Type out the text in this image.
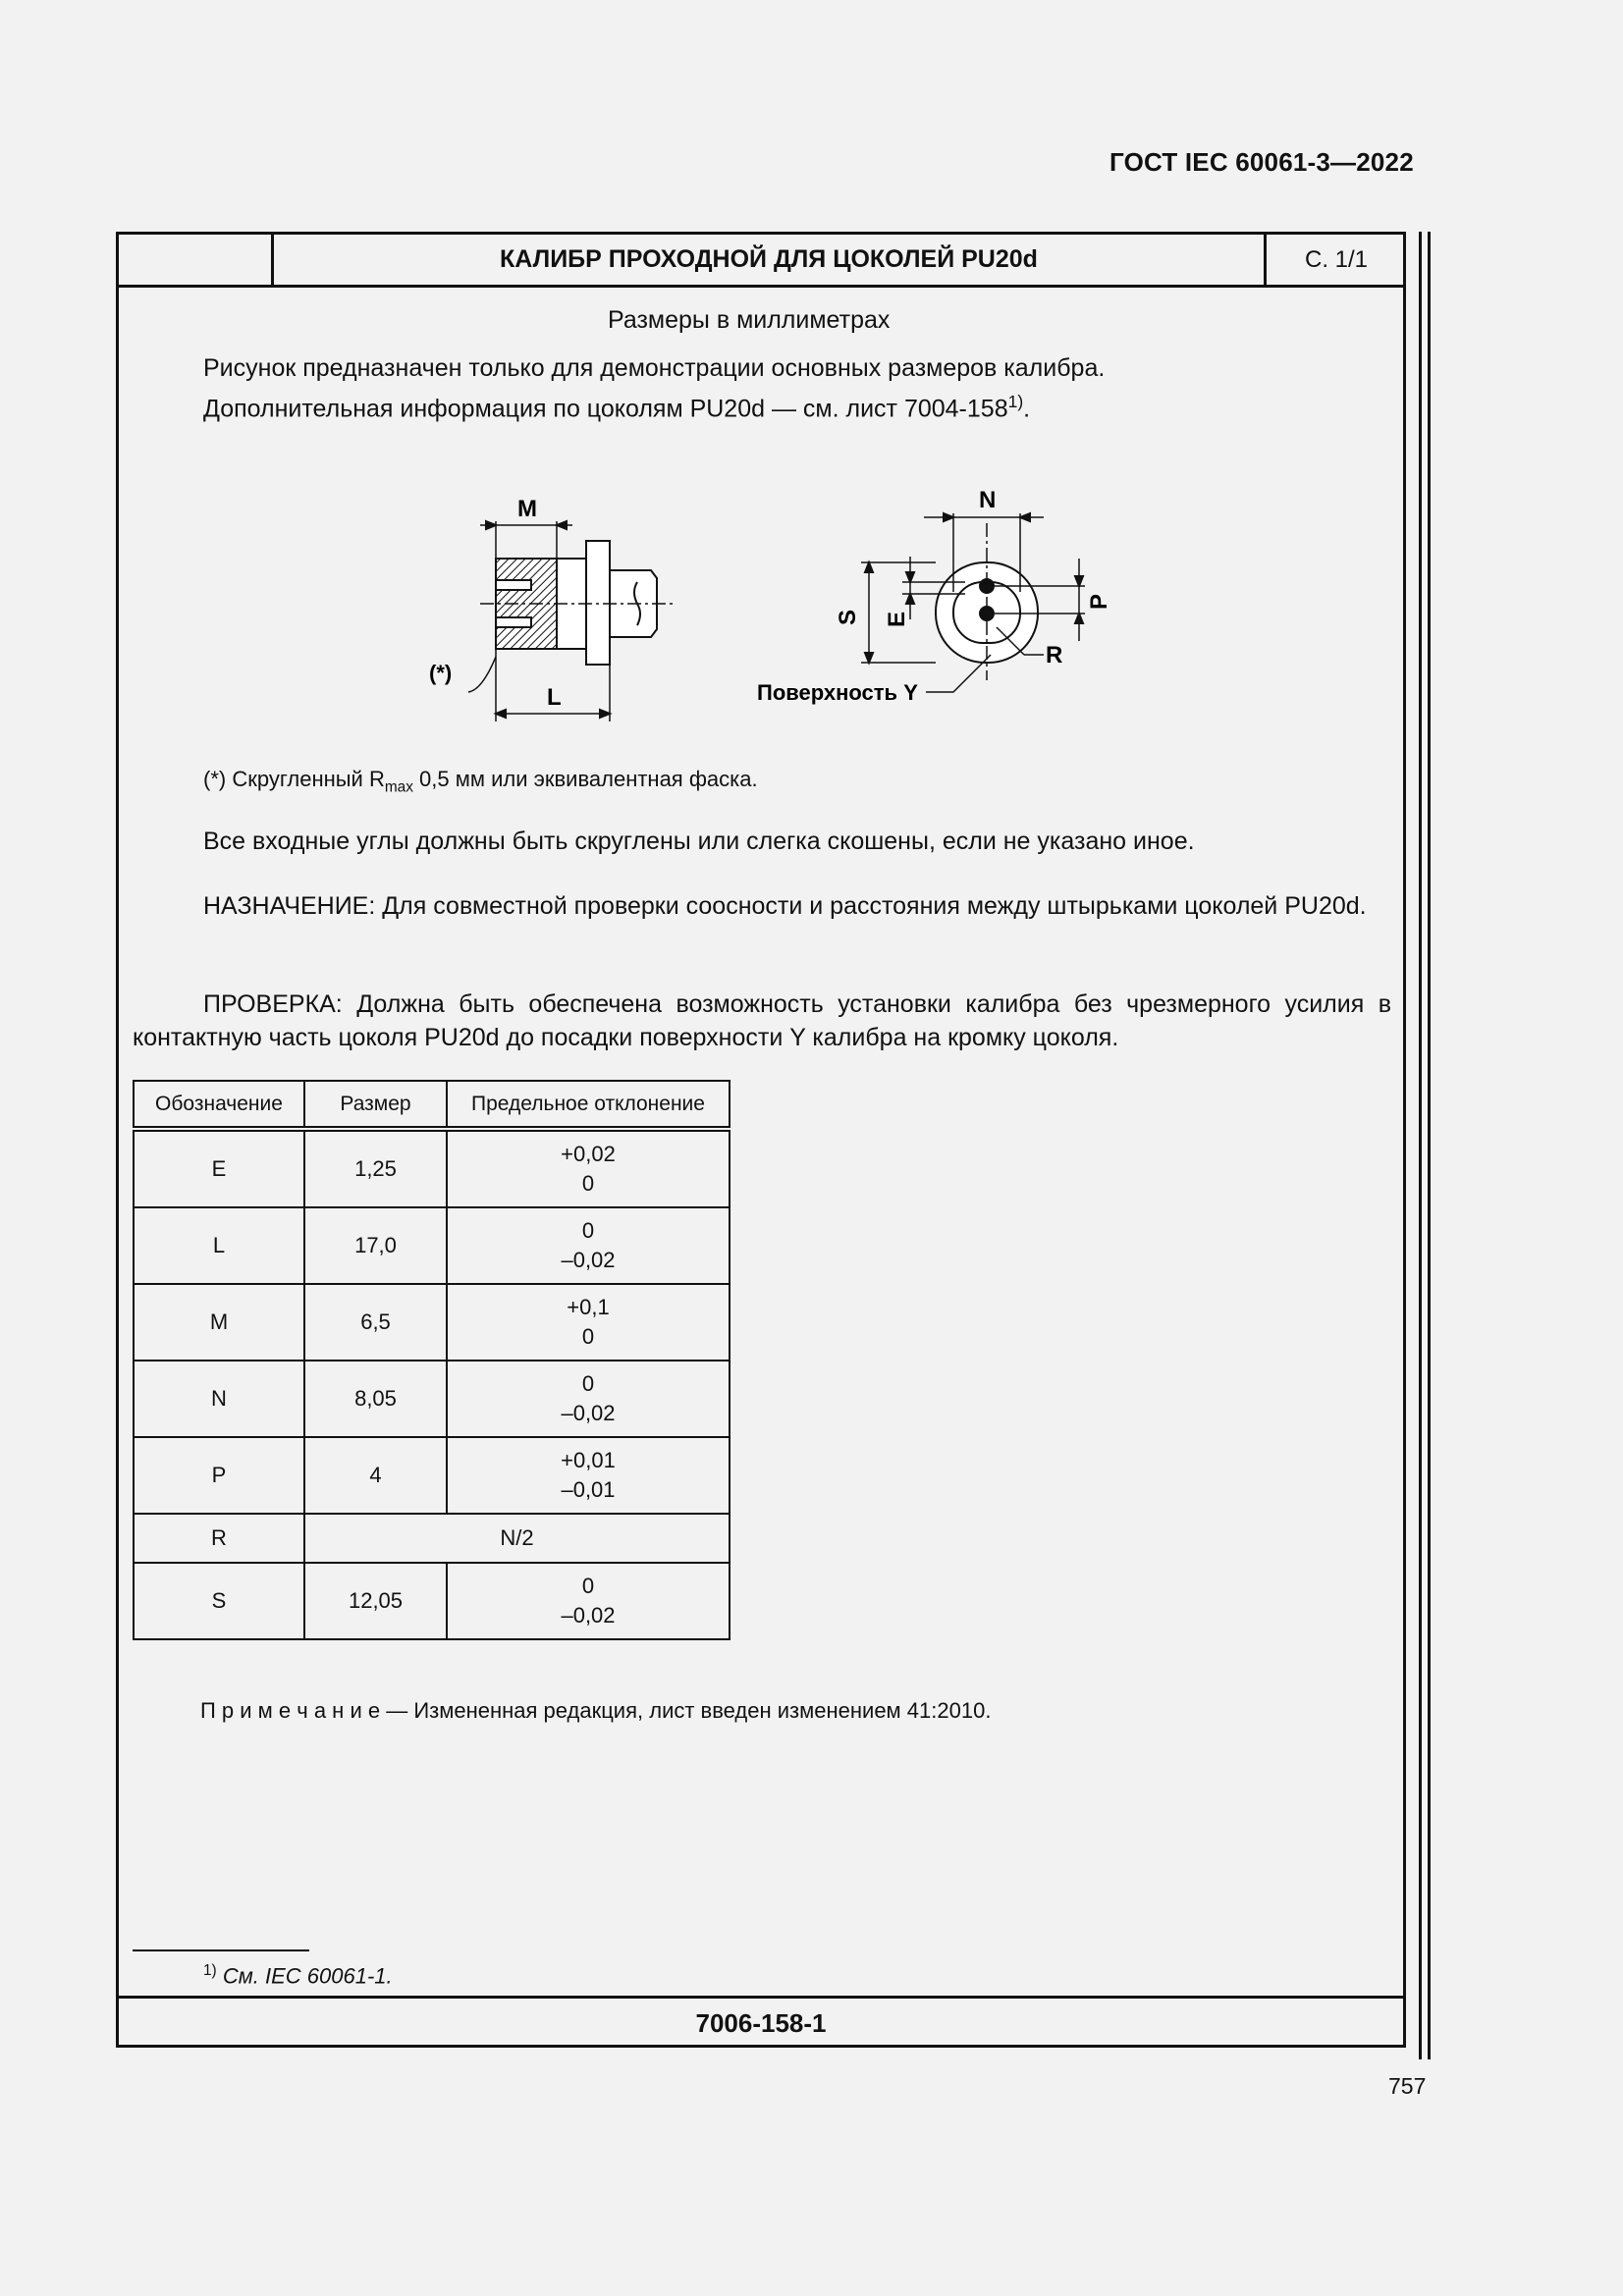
ГОСТ IEC 60061-3—2022
КАЛИБР ПРОХОДНОЙ ДЛЯ ЦОКОЛЕЙ PU20d	С. 1/1
Размеры в миллиметрах
Рисунок предназначен только для демонстрации основных размеров калибра.
Дополнительная информация по цоколям PU20d — см. лист 7004-158$^{1)}$.
M
L
(*)
N
S E
P
R
Поверхность Y
(*) Скругленный $R_{max}$ 0,5 мм или эквивалентная фаска.
Все входные углы должны быть скруглены или слегка скошены, если не указано иное.
НАЗНАЧЕНИЕ: Для совместной проверки соосности и расстояния между штырьками цоколей PU20d.
ПРОВЕРКА: Должна быть обеспечена возможность установки калибра без чрезмерного усилия в контактную часть цоколя PU20d до посадки поверхности Y калибра на кромку цоколя.
Обозначение	Размер	Предельное отклонение
E	1,25	+0,02
0

L	17,0	0
–0,02

M	6,5	+0,1
0

N	8,05	0
–0,02

P	4	+0,01
–0,01

R	N/2	
S	12,05	0
–0,02
$^{1)}$ См. IEC 60061-1.
7006-158-1
П р и м е ч а н и е — Измененная редакция, лист введен изменением 41:2010.
757
